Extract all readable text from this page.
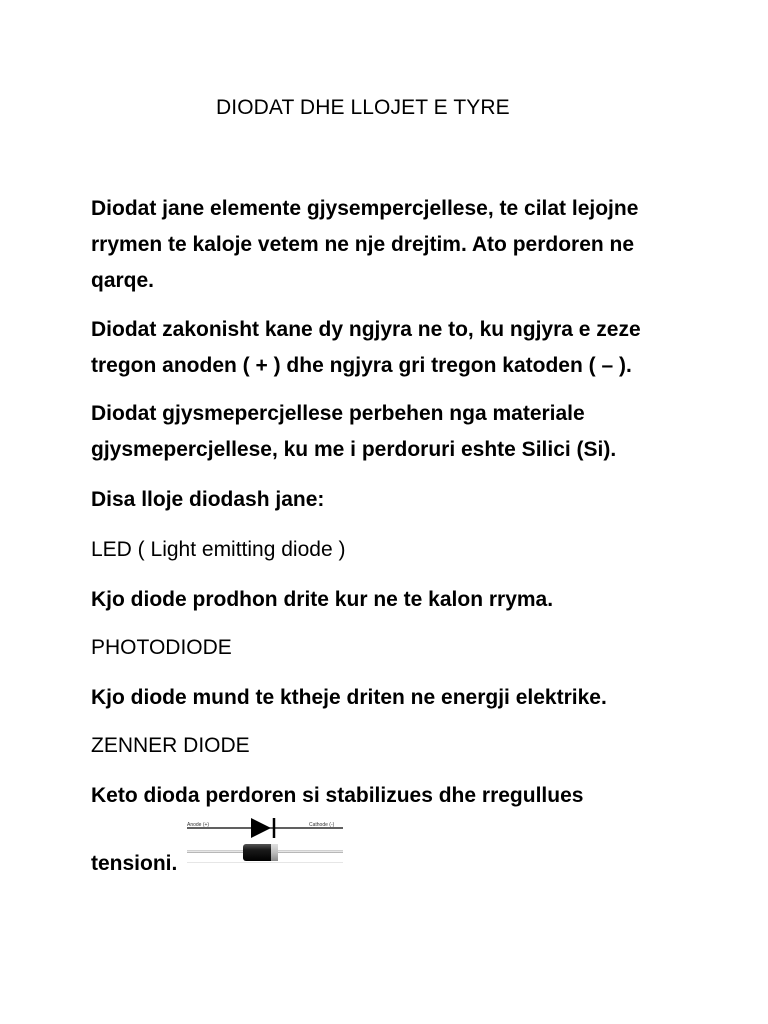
DIODAT DHE LLOJET E TYRE
Diodat jane elemente gjysempercjellese, te cilat lejojne
rrymen te kaloje vetem ne nje drejtim. Ato perdoren ne
qarqe.
Diodat zakonisht kane dy ngjyra ne to, ku ngjyra e zeze
tregon anoden ( + ) dhe ngjyra gri tregon katoden ( – ).
Diodat gjysmepercjellese perbehen nga materiale
gjysmepercjellese, ku me i perdoruri eshte Silici (Si).
Disa lloje diodash jane:
LED ( Light emitting diode )
Kjo diode prodhon drite kur ne te kalon rryma.
PHOTODIODE
Kjo diode mund te ktheje driten ne energji elektrike.
ZENNER DIODE
Keto dioda perdoren si stabilizues dhe rregullues
tensioni.
Anode (+)	Cathode (-)
